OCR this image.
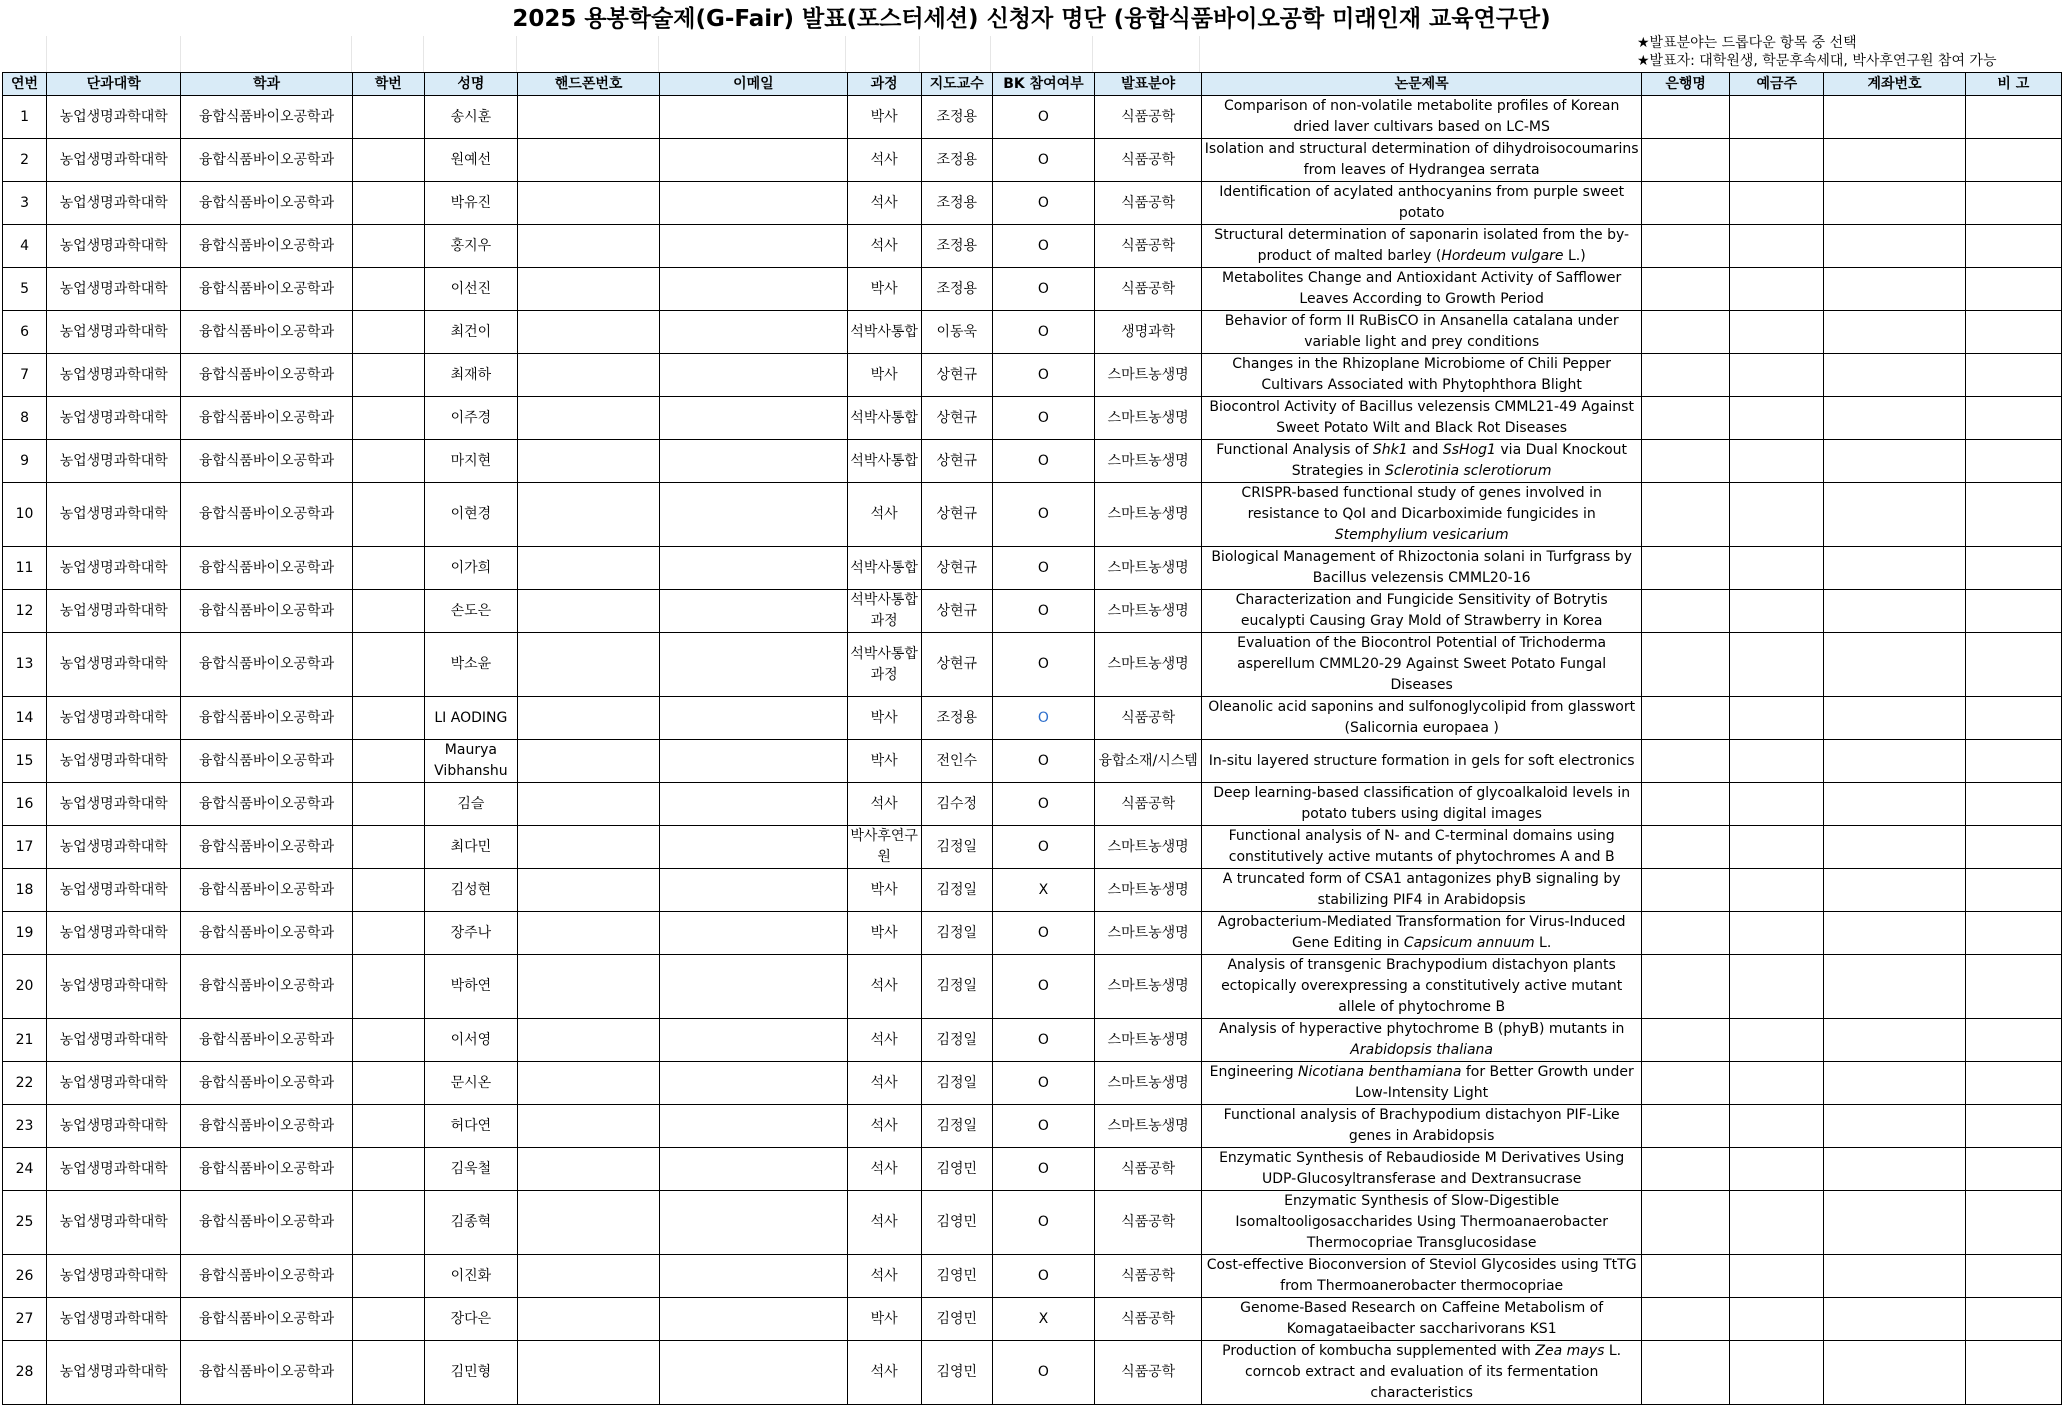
2025 용봉학술제(G-Fair) 발표(포스터세션) 신청자 명단 (융합식품바이오공학 미래인재 교육연구단)
★발표분야는 드롭다운 항목 중 선택
★발표자: 대학원생, 학문후속세대, 박사후연구원 참여 가능
연번	단과대학	학과	학번	성명	핸드폰번호	이메일	과정	지도교수	BK 참여여부	발표분야	논문제목	은행명	예금주	계좌번호	비 고
1	농업생명과학대학	융합식품바이오공학과		송시훈			박사	조정용	O	식품공학	Comparison of non-volatile metabolite profiles of Korean dried laver cultivars based on LC-MS				
2	농업생명과학대학	융합식품바이오공학과		원예선			석사	조정용	O	식품공학	Isolation and structural determination of dihydroisocoumarins from leaves of Hydrangea serrata				
3	농업생명과학대학	융합식품바이오공학과		박유진			석사	조정용	O	식품공학	Identification of acylated anthocyanins from purple sweet potato				
4	농업생명과학대학	융합식품바이오공학과		홍지우			석사	조정용	O	식품공학	Structural determination of saponarin isolated from the by-product of malted barley (Hordeum vulgare L.)				
5	농업생명과학대학	융합식품바이오공학과		이선진			박사	조정용	O	식품공학	Metabolites Change and Antioxidant Activity of Safflower Leaves According to Growth Period				
6	농업생명과학대학	융합식품바이오공학과		최건이			석박사통합	이동욱	O	생명과학	Behavior of form II RuBisCO in Ansanella catalana under variable light and prey conditions				
7	농업생명과학대학	융합식품바이오공학과		최재하			박사	상현규	O	스마트농생명	Changes in the Rhizoplane Microbiome of Chili Pepper Cultivars Associated with Phytophthora Blight				
8	농업생명과학대학	융합식품바이오공학과		이주경			석박사통합	상현규	O	스마트농생명	Biocontrol Activity of Bacillus velezensis CMML21-49 Against Sweet Potato Wilt and Black Rot Diseases				
9	농업생명과학대학	융합식품바이오공학과		마지현			석박사통합	상현규	O	스마트농생명	Functional Analysis of Shk1 and SsHog1 via Dual Knockout Strategies in Sclerotinia sclerotiorum				
10	농업생명과학대학	융합식품바이오공학과		이현경			석사	상현규	O	스마트농생명	CRISPR-based functional study of genes involved in resistance to QoI and Dicarboximide fungicides in Stemphylium vesicarium				
11	농업생명과학대학	융합식품바이오공학과		이가희			석박사통합	상현규	O	스마트농생명	Biological Management of Rhizoctonia solani in Turfgrass by Bacillus velezensis CMML20-16				
12	농업생명과학대학	융합식품바이오공학과		손도은			석박사통합과정	상현규	O	스마트농생명	Characterization and Fungicide Sensitivity of Botrytis eucalypti Causing Gray Mold of Strawberry in Korea				
13	농업생명과학대학	융합식품바이오공학과		박소윤			석박사통합과정	상현규	O	스마트농생명	Evaluation of the Biocontrol Potential of Trichoderma asperellum CMML20-29 Against Sweet Potato Fungal Diseases				
14	농업생명과학대학	융합식품바이오공학과		LI AODING			박사	조정용	O	식품공학	Oleanolic acid saponins and sulfonoglycolipid from glasswort (Salicornia europaea )				
15	농업생명과학대학	융합식품바이오공학과		Maurya Vibhanshu			박사	전인수	O	융합소재/시스템	In-situ layered structure formation in gels for soft electronics				
16	농업생명과학대학	융합식품바이오공학과		김슬			석사	김수정	O	식품공학	Deep learning-based classification of glycoalkaloid levels in potato tubers using digital images				
17	농업생명과학대학	융합식품바이오공학과		최다민			박사후연구원	김정일	O	스마트농생명	Functional analysis of N- and C-terminal domains using constitutively active mutants of phytochromes A and B				
18	농업생명과학대학	융합식품바이오공학과		김성현			박사	김정일	X	스마트농생명	A truncated form of CSA1 antagonizes phyB signaling by stabilizing PIF4 in Arabidopsis				
19	농업생명과학대학	융합식품바이오공학과		장주나			박사	김정일	O	스마트농생명	Agrobacterium-Mediated Transformation for Virus-Induced Gene Editing in Capsicum annuum L.				
20	농업생명과학대학	융합식품바이오공학과		박하연			석사	김정일	O	스마트농생명	Analysis of transgenic Brachypodium distachyon plants ectopically overexpressing a constitutively active mutant allele of phytochrome B				
21	농업생명과학대학	융합식품바이오공학과		이서영			석사	김정일	O	스마트농생명	Analysis of hyperactive phytochrome B (phyB) mutants in Arabidopsis thaliana				
22	농업생명과학대학	융합식품바이오공학과		문시온			석사	김정일	O	스마트농생명	Engineering Nicotiana benthamiana for Better Growth under Low-Intensity Light				
23	농업생명과학대학	융합식품바이오공학과		허다연			석사	김정일	O	스마트농생명	Functional analysis of Brachypodium distachyon PIF-Like genes in Arabidopsis				
24	농업생명과학대학	융합식품바이오공학과		김욱철			석사	김영민	O	식품공학	Enzymatic Synthesis of Rebaudioside M Derivatives Using UDP-Glucosyltransferase and Dextransucrase				
25	농업생명과학대학	융합식품바이오공학과		김종혁			석사	김영민	O	식품공학	Enzymatic Synthesis of Slow-Digestible Isomaltooligosaccharides Using Thermoanaerobacter Thermocopriae Transglucosidase				
26	농업생명과학대학	융합식품바이오공학과		이진화			석사	김영민	O	식품공학	Cost-effective Bioconversion of Steviol Glycosides using TtTG from Thermoanerobacter thermocopriae				
27	농업생명과학대학	융합식품바이오공학과		장다은			박사	김영민	X	식품공학	Genome-Based Research on Caffeine Metabolism of Komagataeibacter saccharivorans KS1				
28	농업생명과학대학	융합식품바이오공학과		김민형			석사	김영민	O	식품공학	Production of kombucha supplemented with Zea mays L. corncob extract and evaluation of its fermentation characteristics				
